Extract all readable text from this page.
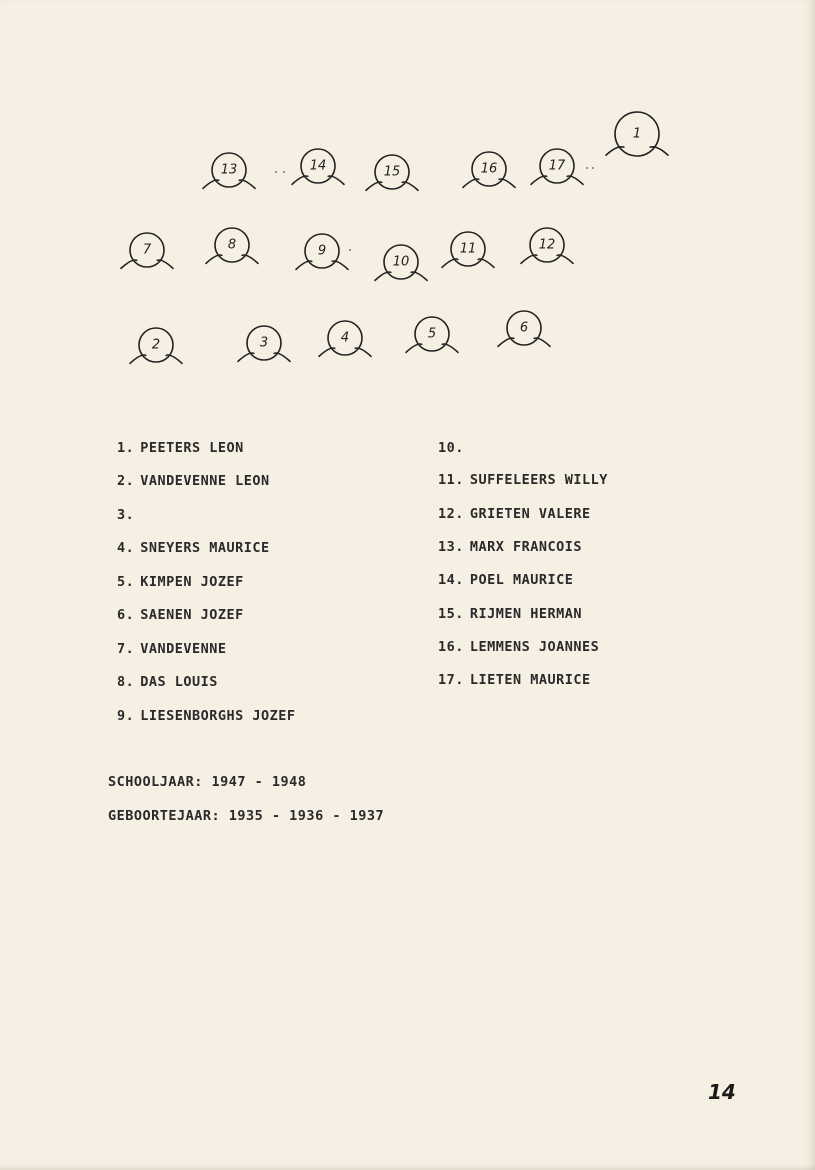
13	14	15	16	17
1
7	8	9
10
11	12
2	3	4	5	6
1. PEETERS LEON
2. VANDEVENNE LEON
3.
4. SNEYERS MAURICE
5. KIMPEN JOZEF
6. SAENEN JOZEF
7. VANDEVENNE
8. DAS LOUIS
9. LIESENBORGHS JOZEF
10.
11. SUFFELEERS WILLY
12. GRIETEN VALERE
13. MARX FRANCOIS
14. POEL MAURICE
15. RIJMEN HERMAN
16. LEMMENS JOANNES
17. LIETEN MAURICE
SCHOOLJAAR: 1947 - 1948
GEBOORTEJAAR: 1935 - 1936 - 1937
14
